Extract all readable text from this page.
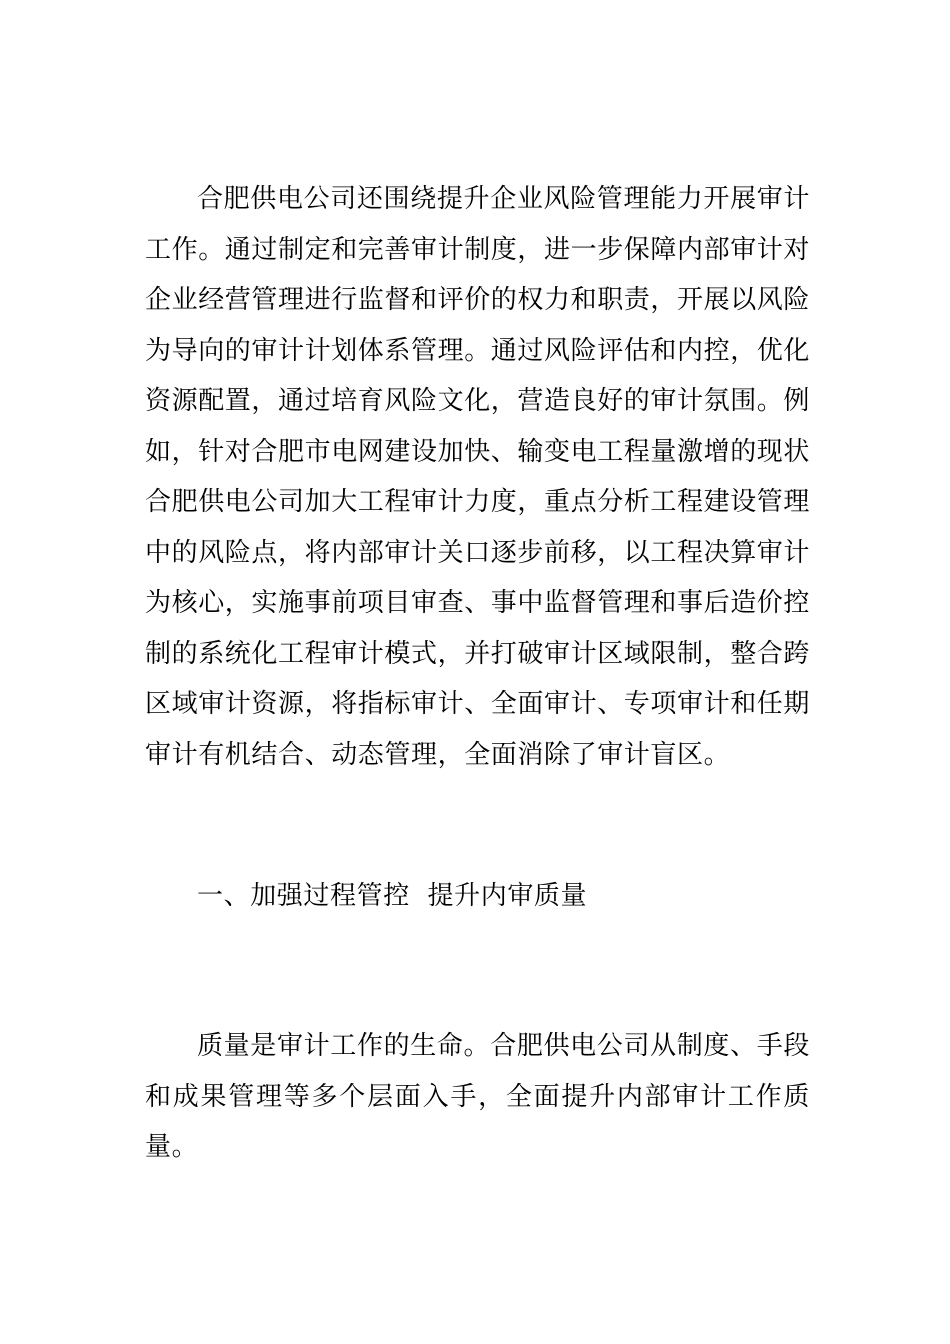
合肥供电公司还围绕提升企业风险管理能力开展审计工作。通过制定和完善审计制度，进一步保障内部审计对企业经营管理进行监督和评价的权力和职责，开展以风险为导向的审计计划体系管理。通过风险评估和内控，优化资源配置，通过培育风险文化，营造良好的审计氛围。例如，针对合肥市电网建设加快、输变电工程量激增的现状合肥供电公司加大工程审计力度，重点分析工程建设管理中的风险点，将内部审计关口逐步前移，以工程决算审计为核心，实施事前项目审查、事中监督管理和事后造价控制的系统化工程审计模式，并打破审计区域限制，整合跨区域审计资源，将指标审计、全面审计、专项审计和任期审计有机结合、动态管理，全面消除了审计盲区。

一、加强过程管控  提升内审质量

质量是审计工作的生命。合肥供电公司从制度、手段和成果管理等多个层面入手，全面提升内部审计工作质量。
